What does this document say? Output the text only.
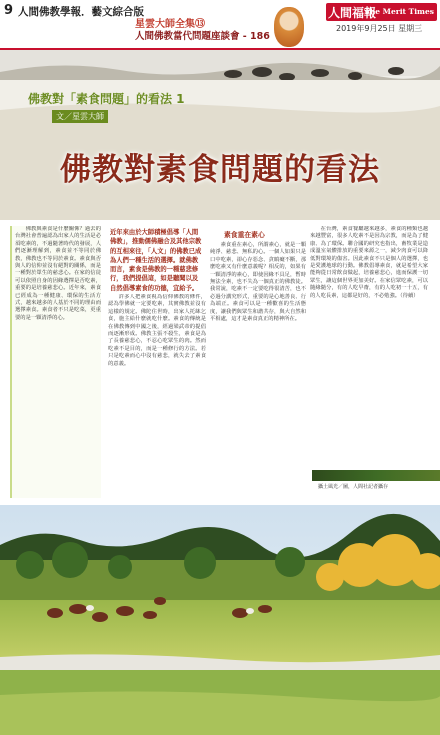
9 人間佛教學報．藝文綜合版
星雲大師全集⑬
人間佛教當代問題座談會 - 186
人間福報
The Merit Times
2019年9月25日 星期三
佛教對「素食問題」的看法 1
文／星雲大師
佛教對素食問題的看法

佛教與素食是什麼關係？過去的台灣社會普遍認為出家人的生活是必須吃素的，不過隨著時代的發展，人們逐漸理解到，素食並不等同於佛教，佛教也不等同於素食。素食與否與人的信仰並沒有絕對的關係，而是一種對於眾生的慈悲心。在家的信徒可以依照自身的因緣選擇是否吃素，重要的是培養慈悲心。近年來，素食已經成為一種健康、環保的生活方式，越來越多的人基於不同的理由而選擇素食。素食者不只是吃菜，更重要的是一顆清淨的心。

近年來由於大師積極倡導「人間佛教」，推動儒佛融合及其他宗教的互相來往，「人文」的佛教已成為人們一種生活的選擇。就佛教而言，素食是佛教的一種慈悲修行，我們提倡這，如是聽聞以及自然倡導素食的功德，宜給予。

許多人把素食視為信仰佛教的條件，認為學佛就一定要吃素，其實佛教並沒有這樣的規定。佛陀住世時，出家人托缽乞食，施主給什麼就吃什麼。素食的傳統是在佛教傳到中國之後，經過梁武帝的提倡而逐漸形成。佛教主張不殺生，素食是為了長養慈悲心，不忍心吃眾生的肉。然而吃素不是目的，而是一種修行的方法。若只是吃素而心中沒有慈悲，就失去了素食的意義。

素食重在素心

素食重在素心，所謂素心，就是一顆純淨、慈悲、無私的心。一個人如果只是口中吃素，卻心存惡念、貪瞋癡不斷，那麼吃素又有什麼意義呢？相反的，如果有一顆清淨的素心，即使因緣不具足，暫時無法全素，也不失為一個真正的佛教徒。我常說，吃素不一定要吃得很清苦，也不必過分講究形式，重要的是心地善良、行為端正。素食可以是一種歡喜的生活態度，讓我們與眾生和諧共存，與大自然和平相處，這才是素食真正的精神所在。

在台灣，素食餐廳越來越多，素食的種類也越來越豐富，很多人吃素不是因為宗教，而是為了健康、為了環保。聯合國的研究也指出，畜牧業是造成溫室氣體排放的重要來源之一，減少肉食可以降低對環境的傷害。因此素食不只是個人的選擇，也是愛護地球的行動。佛教倡導素食，就是希望大家能夠從日常飲食做起，培養慈悲心，進而保護一切眾生，讓這個世界更加美好。在家信眾吃素，可以隨緣隨分，有的人吃早齋，有的人吃初一十五，有的人吃長素，這都是好的，不必勉強。（待續）

攝土風光／圖，人間社記者攝存
